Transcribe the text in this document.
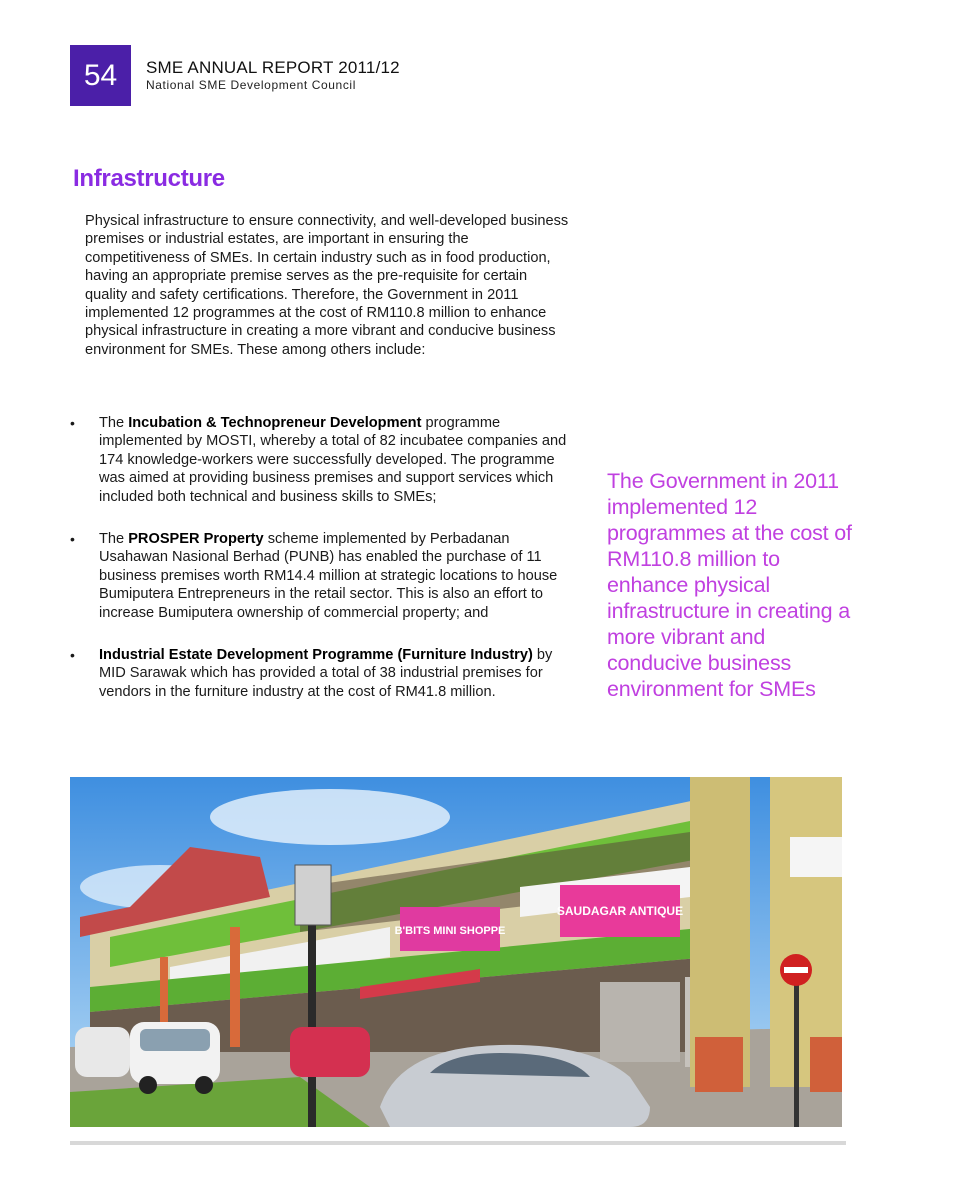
54 SME ANNUAL REPORT 2011/12
National SME Development Council
Infrastructure
Physical infrastructure to ensure connectivity, and well-developed business premises or industrial estates, are important in ensuring the competitiveness of SMEs. In certain industry such as in food production, having an appropriate premise serves as the pre-requisite for certain quality and safety certifications. Therefore, the Government in 2011 implemented 12 programmes at the cost of RM110.8 million to enhance physical infrastructure in creating a more vibrant and conducive business environment for SMEs. These among others include:
• The Incubation & Technopreneur Development programme implemented by MOSTI, whereby a total of 82 incubatee companies and 174 knowledge-workers were successfully developed. The programme was aimed at providing business premises and support services which included both technical and business skills to SMEs;
• The PROSPER Property scheme implemented by Perbadanan Usahawan Nasional Berhad (PUNB) has enabled the purchase of 11 business premises worth RM14.4 million at strategic locations to house Bumiputera Entrepreneurs in the retail sector. This is also an effort to increase Bumiputera ownership of commercial property; and
• Industrial Estate Development Programme (Furniture Industry) by MID Sarawak which has provided a total of 38 industrial premises for vendors in the furniture industry at the cost of RM41.8 million.
The Government in 2011 implemented 12 programmes at the cost of RM110.8 million to enhance physical infrastructure in creating a more vibrant and conducive business environment for SMEs
B'BITS MINI SHOPPE
SAUDAGAR ANTIQUE
